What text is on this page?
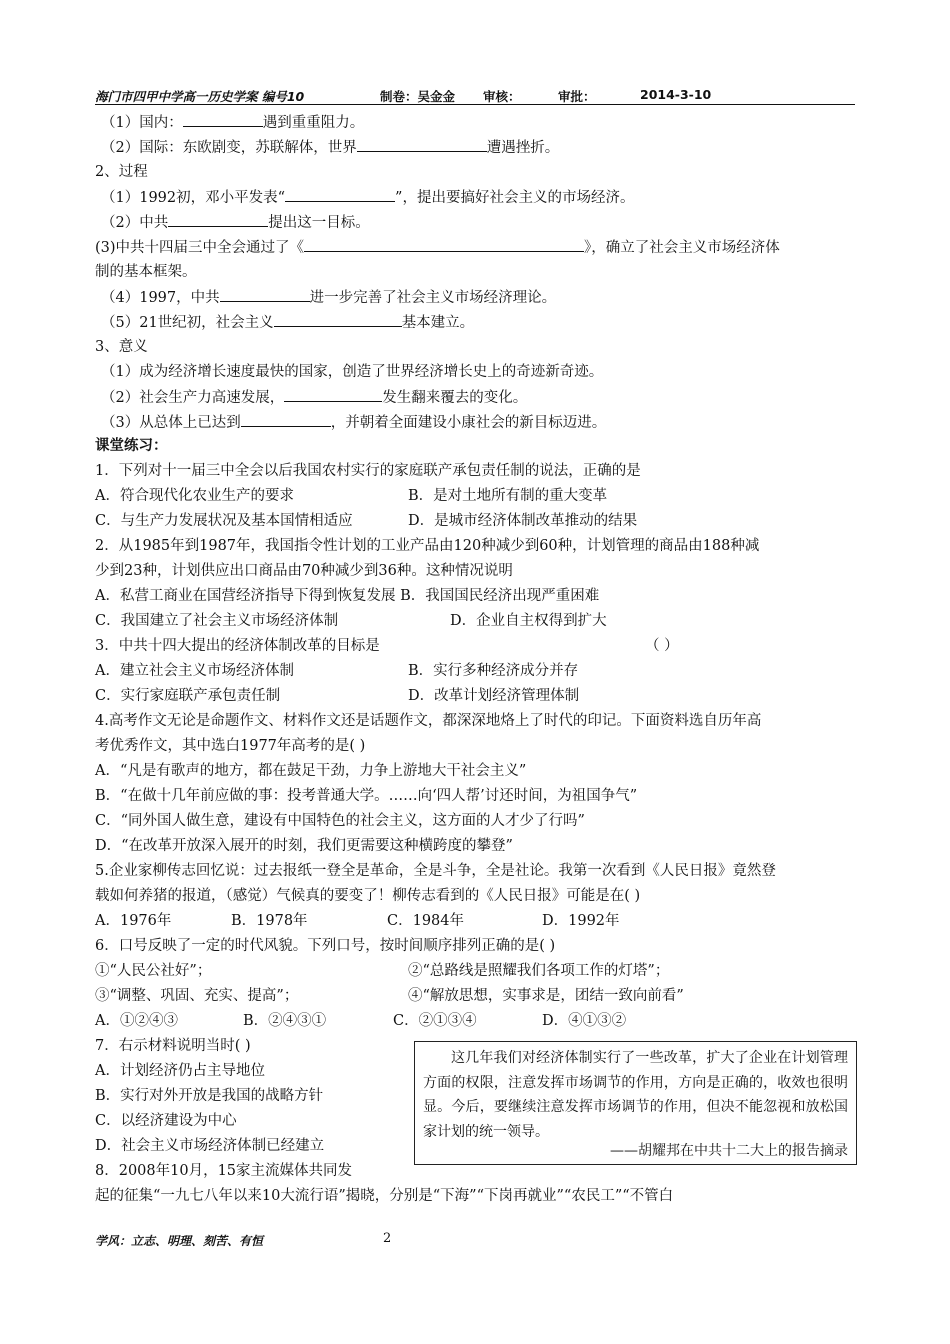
海门市四甲中学高一历史学案 编号10	制卷：吴金金 审核：	审批：	2014-3-10
（1）国内：	遇到重重阻力。
（2）国际：东欧剧变，苏联解体，世界	遭遇挫折。
2、过程
（1）1992初，邓小平发表“	”，提出要搞好社会主义的市场经济。
（2）中共	提出这一目标。
(3)中共十四届三中全会通过了《	》，确立了社会主义市场经济体
制的基本框架。
（4）1997，中共	进一步完善了社会主义市场经济理论。
（5）21世纪初，社会主义	基本建立。
3、意义
（1）成为经济增长速度最快的国家，创造了世界经济增长史上的奇迹新奇迹。
（2）社会生产力高速发展，	发生翻来覆去的变化。
（3）从总体上已达到	，并朝着全面建设小康社会的新目标迈进。
课堂练习：
1．下列对十一届三中全会以后我国农村实行的家庭联产承包责任制的说法，正确的是
A．符合现代化农业生产的要求	B．是对土地所有制的重大变革
C．与生产力发展状况及基本国情相适应	D．是城市经济体制改革推动的结果
2．从1985年到1987年，我国指令性计划的工业产品由120种减少到60种，计划管理的商品由188种减
少到23种，计划供应出口商品由70种减少到36种。这种情况说明
A．私营工商业在国营经济指导下得到恢复发展 B．我国国民经济出现严重困难
C．我国建立了社会主义市场经济体制	D．企业自主权得到扩大
3．中共十四大提出的经济体制改革的目标是	（ ）
A．建立社会主义市场经济体制	B．实行多种经济成分并存
C．实行家庭联产承包责任制	D．改革计划经济管理体制
4.高考作文无论是命题作文、材料作文还是话题作文，都深深地烙上了时代的印记。下面资料选自历年高
考优秀作文，其中选白1977年高考的是( )
A．“凡是有歌声的地方，都在鼓足干劲，力争上游地大干社会主义”
B．“在做十几年前应做的事：投考普通大学。……向‘四人帮’讨还时间，为祖国争气”
C．“同外国人做生意，建设有中国特色的社会主义，这方面的人才少了行吗”
D．“在改革开放深入展开的时刻，我们更需要这种横跨度的攀登”
5.企业家柳传志回忆说：过去报纸一登全是革命，全是斗争，全是社论。我第一次看到《人民日报》竟然登
载如何养猪的报道，（感觉）气候真的要变了！柳传志看到的《人民日报》可能是在( )
A．1976年	B．1978年	C．1984年	D．1992年
6．口号反映了一定的时代风貌。下列口号，按时间顺序排列正确的是( )
①“人民公社好”；	②“总路线是照耀我们各项工作的灯塔”；
③“调整、巩固、充实、提高”；	④“解放思想，实事求是，团结一致向前看”
A．①②④③	B．②④③①	C．②①③④	D．④①③②
7．右示材料说明当时( )
A．计划经济仍占主导地位
B．实行对外开放是我国的战略方针
C．以经济建设为中心
D．社会主义市场经济体制已经建立

这几年我们对经济体制实行了一些改革，扩大了企业在计划管理方面的权限，注意发挥市场调节的作用，方向是正确的，收效也很明显。今后，要继续注意发挥市场调节的作用，但决不能忽视和放松国家计划的统一领导。

——胡耀邦在中共十二大上的报告摘录
8．2008年10月，15家主流媒体共同发
起的征集“一九七八年以来10大流行语”揭晓，分别是“下海”“下岗再就业”“农民工”“不管白
学风：立志、明理、刻苦、有恒	2
